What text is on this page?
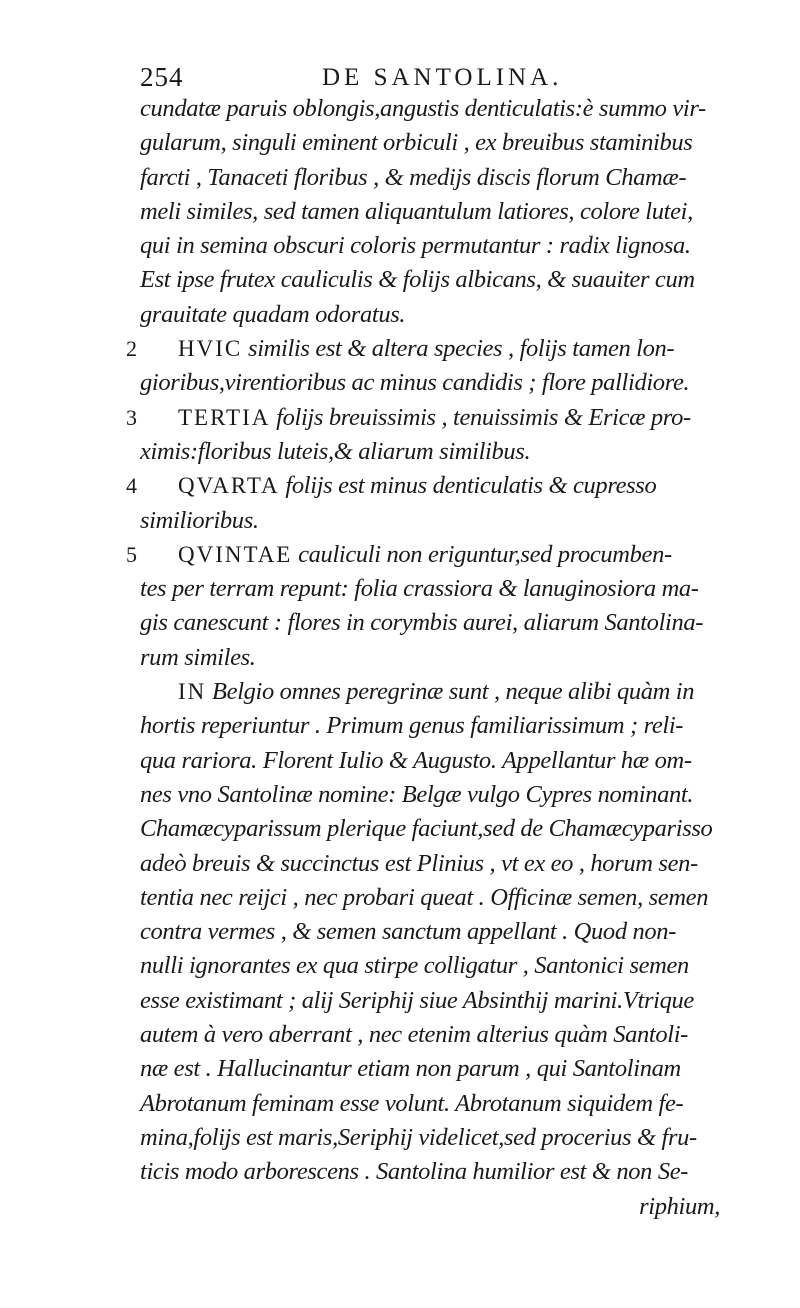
254	DE SANTOLINA.
cundatæ paruis oblongis,angustis denticulatis:è summo vir-
gularum, singuli eminent orbiculi , ex breuibus staminibus
farcti , Tanaceti floribus , & medijs discis florum Chamæ-
meli similes, sed tamen aliquantulum latiores, colore lutei,
qui in semina obscuri coloris permutantur : radix lignosa.
Est ipse frutex cauliculis & folijs albicans, & suauiter cum
grauitate quadam odoratus.
2 HVIC similis est & altera species , folijs tamen lon-
gioribus,virentioribus ac minus candidis ; flore pallidiore.
3 TERTIA folijs breuissimis , tenuissimis & Ericæ pro-
ximis:floribus luteis,& aliarum similibus.
4 QVARTA folijs est minus denticulatis & cupresso
similioribus.
5 QVINTAE cauliculi non eriguntur,sed procumben-
tes per terram repunt: folia crassiora & lanuginosiora ma-
gis canescunt : flores in corymbis aurei, aliarum Santolina-
rum similes.
IN Belgio omnes peregrinæ sunt , neque alibi quàm in
hortis reperiuntur . Primum genus familiarissimum ; reli-
qua rariora. Florent Iulio & Augusto. Appellantur hæ om-
nes vno Santolinæ nomine: Belgæ vulgo Cypres nominant.
Chamæcyparissum plerique faciunt,sed de Chamæcyparisso
adeò breuis & succinctus est Plinius , vt ex eo , horum sen-
tentia nec reijci , nec probari queat . Officinæ semen, semen
contra vermes , & semen sanctum appellant . Quod non-
nulli ignorantes ex qua stirpe colligatur , Santonici semen
esse existimant ; alij Seriphij siue Absinthij marini.Vtrique
autem à vero aberrant , nec etenim alterius quàm Santoli-
næ est . Hallucinantur etiam non parum , qui Santolinam
Abrotanum feminam esse volunt. Abrotanum siquidem fe-
mina,folijs est maris,Seriphij videlicet,sed procerius & fru-
ticis modo arborescens . Santolina humilior est & non Se-
riphium,
